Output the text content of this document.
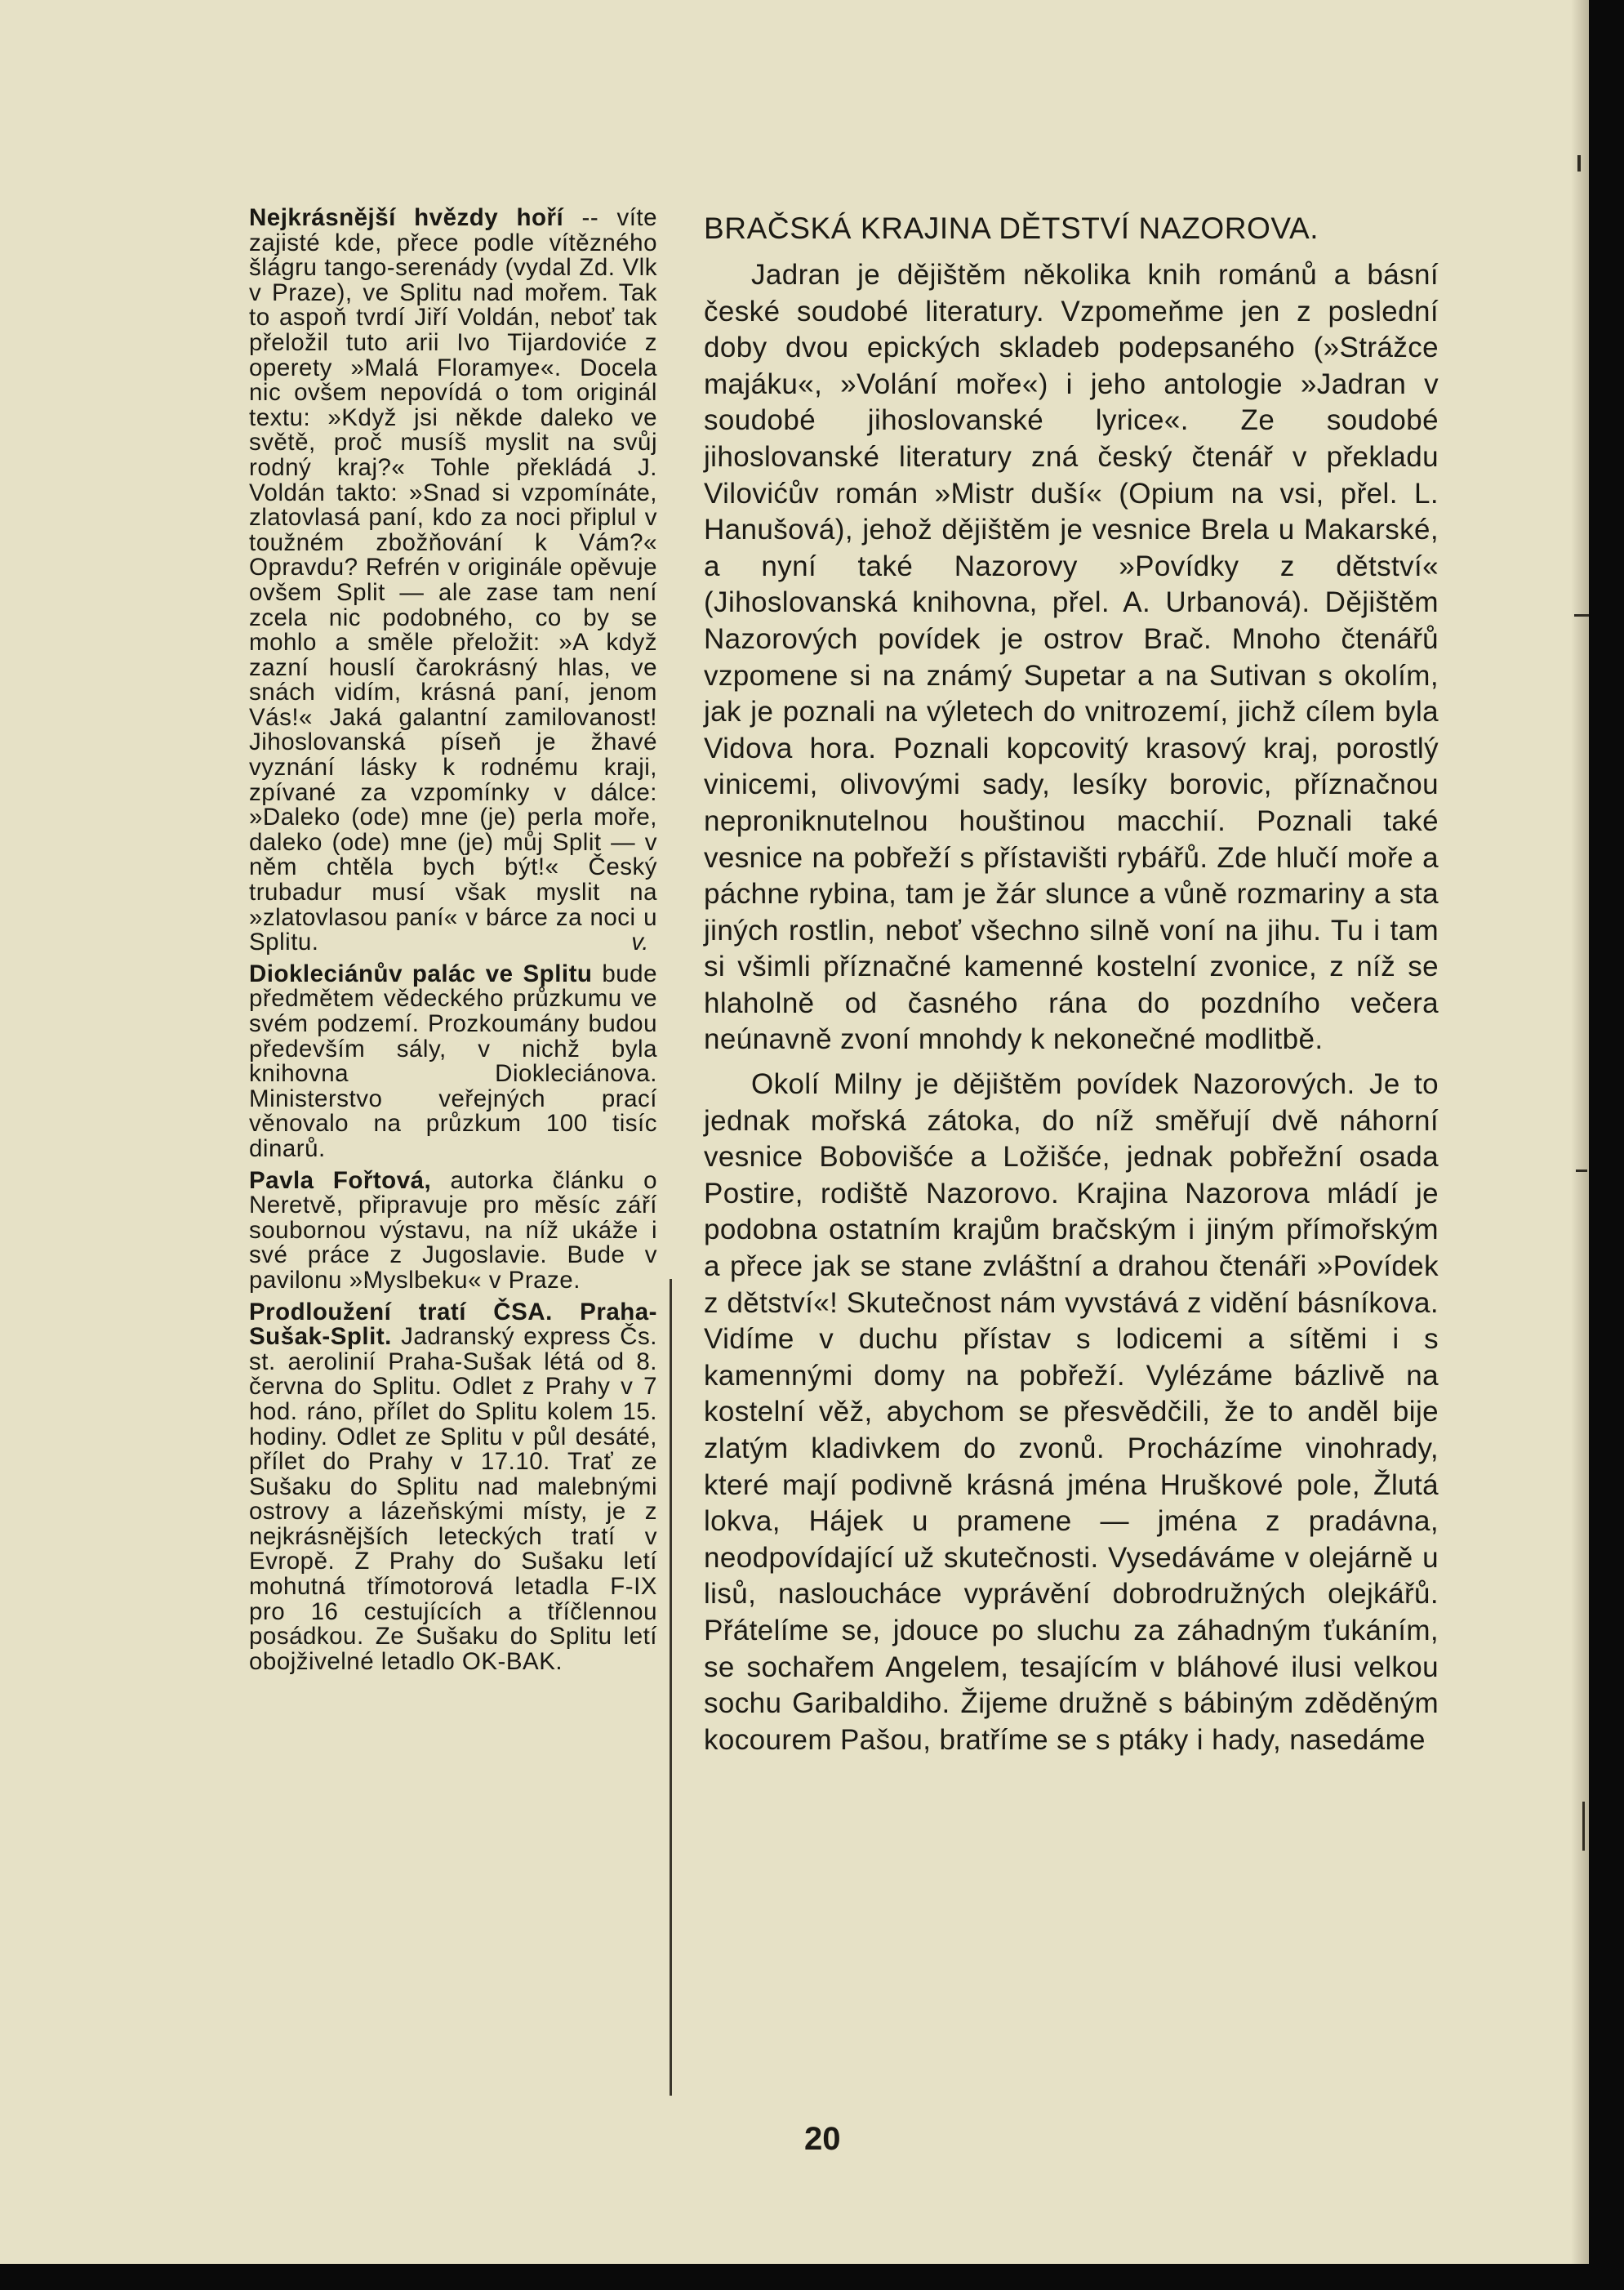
Nejkrásnější hvězdy hoří -- víte zajisté kde, přece podle vítězného šlágru tango-serenády (vydal Zd. Vlk v Praze), ve Splitu nad mořem. Tak to aspoň tvrdí Jiří Voldán, neboť tak přeložil tuto arii Ivo Tijardoviće z operety »Malá Floramye«. Docela nic ovšem nepovídá o tom originál textu: »Když jsi někde daleko ve světě, proč musíš myslit na svůj rodný kraj?« Tohle překládá J. Voldán takto: »Snad si vzpomínáte, zlatovlasá paní, kdo za noci připlul v toužném zbožňování k Vám?« Opravdu? Refrén v originále opěvuje ovšem Split — ale zase tam není zcela nic podobného, co by se mohlo a směle přeložit: »A když zazní houslí čarokrásný hlas, ve snách vidím, krásná paní, jenom Vás!« Jaká galantní zamilovanost! Jihoslovanská píseň je žhavé vyznání lásky k rodnému kraji, zpívané za vzpomínky v dálce: »Daleko (ode) mne (je) perla moře, daleko (ode) mne (je) můj Split — v něm chtěla bych být!« Český trubadur musí však myslit na »zlatovlasou paní« v bárce za noci u Splitu.	v.

Diokleciánův palác ve Splitu bude předmětem vědeckého průzkumu ve svém podzemí. Prozkoumány budou především sály, v nichž byla knihovna Diokleciánova. Ministerstvo veřejných prací věnovalo na průzkum 100 tisíc dinarů.

Pavla Fořtová, autorka článku o Neretvě, připravuje pro měsíc září soubornou výstavu, na níž ukáže i své práce z Jugoslavie. Bude v pavilonu »Myslbeku« v Praze.

Prodloužení tratí ČSA. Praha-Sušak-Split. Jadranský express Čs. st. aerolinií Praha-Sušak létá od 8. června do Splitu. Odlet z Prahy v 7 hod. ráno, přílet do Splitu kolem 15. hodiny. Odlet ze Splitu v půl desáté, přílet do Prahy v 17.10. Trať ze Sušaku do Splitu nad malebnými ostrovy a lázeňskými místy, je z nejkrásnějších leteckých tratí v Evropě. Z Prahy do Sušaku letí mohutná třímotorová letadla F-IX pro 16 cestujících a tříčlennou posádkou. Ze Sušaku do Splitu letí obojživelné letadlo OK-BAK.

BRAČSKÁ KRAJINA DĚTSTVÍ NAZOROVA.

Jadran je dějištěm několika knih románů a básní české soudobé literatury. Vzpomeňme jen z poslední doby dvou epických skladeb podepsaného (»Strážce majáku«, »Volání moře«) i jeho antologie »Jadran v soudobé jihoslovanské lyrice«. Ze soudobé jihoslovanské literatury zná český čtenář v překladu Vilovićův román »Mistr duší« (Opium na vsi, přel. L. Hanušová), jehož dějištěm je vesnice Brela u Makarské, a nyní také Nazorovy »Povídky z dětství« (Jihoslovanská knihovna, přel. A. Urbanová). Dějištěm Nazorových povídek je ostrov Brač. Mnoho čtenářů vzpomene si na známý Supetar a na Sutivan s okolím, jak je poznali na výletech do vnitrozemí, jichž cílem byla Vidova hora. Poznali kopcovitý krasový kraj, porostlý vinicemi, olivovými sady, lesíky borovic, příznačnou neproniknutelnou houštinou macchií. Poznali také vesnice na pobřeží s přístavišti rybářů. Zde hlučí moře a páchne rybina, tam je žár slunce a vůně rozmariny a sta jiných rostlin, neboť všechno silně voní na jihu. Tu i tam si všimli příznačné kamenné kostelní zvonice, z níž se hlaholně od časného rána do pozdního večera neúnavně zvoní mnohdy k nekonečné modlitbě.

Okolí Milny je dějištěm povídek Nazorových. Je to jednak mořská zátoka, do níž směřují dvě náhorní vesnice Bobovišće a Ložišće, jednak pobřežní osada Postire, rodiště Nazorovo. Krajina Nazorova mládí je podobna ostatním krajům bračským i jiným přímořským a přece jak se stane zvláštní a drahou čtenáři »Povídek z dětství«! Skutečnost nám vyvstává z vidění básníkova. Vidíme v duchu přístav s lodicemi a sítěmi i s kamennými domy na pobřeží. Vylézáme bázlivě na kostelní věž, abychom se přesvědčili, že to anděl bije zlatým kladivkem do zvonů. Procházíme vinohrady, které mají podivně krásná jména Hruškové pole, Žlutá lokva, Hájek u pramene — jména z pradávna, neodpovídající už skutečnosti. Vysedáváme v olejárně u lisů, nasloucháce vyprávění dobrodružných olejkářů. Přátelíme se, jdouce po sluchu za záhadným ťukáním, se sochařem Angelem, tesajícím v bláhové ilusi velkou sochu Garibaldiho. Žijeme družně s bábiným zděděným kocourem Pašou, bratříme se s ptáky i hady, nasedáme

20
